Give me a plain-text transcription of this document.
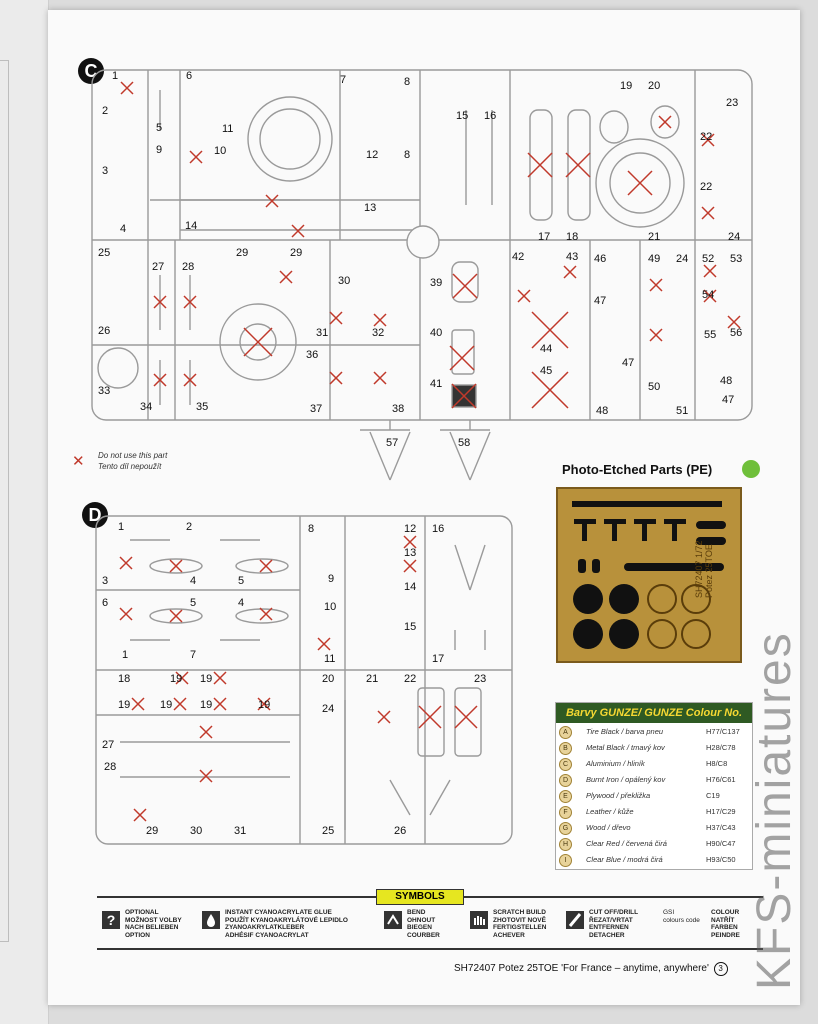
C	1
2
3
4
5
6	7	8
9	10
11
12 8
13
14
15 16
17 18
19 20
21
22
22
23
24
25
26
27 28
29	29
30
31	32
33
34	35
36
37	38
39
40
41
42	43
44
45
46
47
47
48
49 24
50
51
52 53
54
55 56
48
47
57	58
✕ Do not use this part
Tento díl nepoužít
D
1	2
3	4	5
6	5	4
1	7
8
9
10
11
12
13
14
15
16
17
18	19 19
19	19	19	19
20
24
21 22	23
27
28
29	30	31	25	26
Photo-Etched Parts (PE)
SH72407 1/72
Potez 25TOE
Barvy GUNZE/ GUNZE Colour No.
A	Tire Black / barva pneu	H77/C137
B	Metal Black / tmavý kov	H28/C78
C	Aluminium / hliník	H8/C8
D	Burnt Iron / opálený kov	H76/C61
E	Plywood / překližka	C19
F	Leather / kůže	H17/C29
G	Wood / dřevo	H37/C43
H	Clear Red / červená čirá	H90/C47
I	Clear Blue / modrá čirá	H93/C50
SYMBOLS
? OPTIONAL
MOŽNOST VOLBY
NACH BELIEBEN
OPTION
INSTANT CYANOACRYLATE GLUE
POUŽÍT KYANOAKRYLÁTOVÉ LEPIDLO
ZYANOAKRYLATKLEBER
ADHÉSIF CYANOACRYLAT
BEND
OHNOUT
BIEGEN
COURBER
SCRATCH BUILD
ZHOTOVIT NOVĚ
FERTIGSTELLEN
ACHEVER
CUT OFF/DRILL
ŘEZAT/VRTAT
ENTFERNEN
DETACHER
GSI
colours code
COLOUR
NATŘÍT
FARBEN
PEINDRE
SH72407 Potez 25TOE 'For France – anytime, anywhere' 3 KFS-miniatures
